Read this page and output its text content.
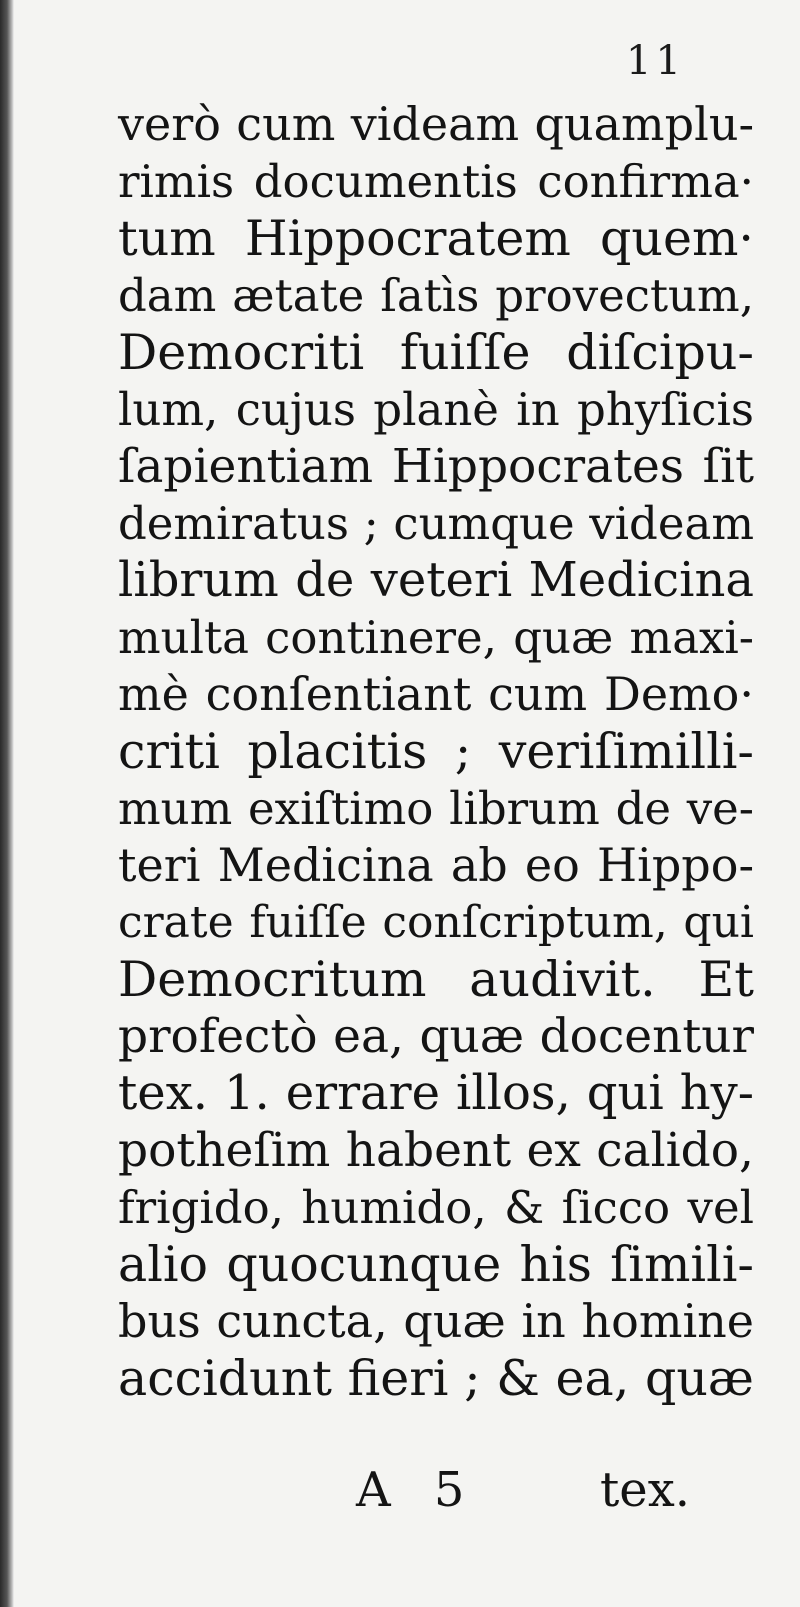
11
verò cum videam quamplu-
rimis documentis confirma·
tum Hippocratem quem·
dam ætate ſatìs provectum,
Democriti fuiſſe diſcipu-
lum, cujus planè in phyſicis
ſapientiam Hippocrates ſit
demiratus ; cumque videam
librum de veteri Medicina
multa continere, quæ maxi-
mè conſentiant cum Demo·
criti placitis ; veriſimilli-
mum exiſtimo librum de ve-
teri Medicina ab eo Hippo-
crate fuiſſe conſcriptum, qui
Democritum audivit. Et
profectò ea, quæ docentur
tex. 1. errare illos, qui hy-
potheſim habent ex calido,
frigido, humido, & ſicco vel
alio quocunque his ſimili-
bus cuncta, quæ in homine
accidunt fieri ; & ea, quæ
A 5	tex.
